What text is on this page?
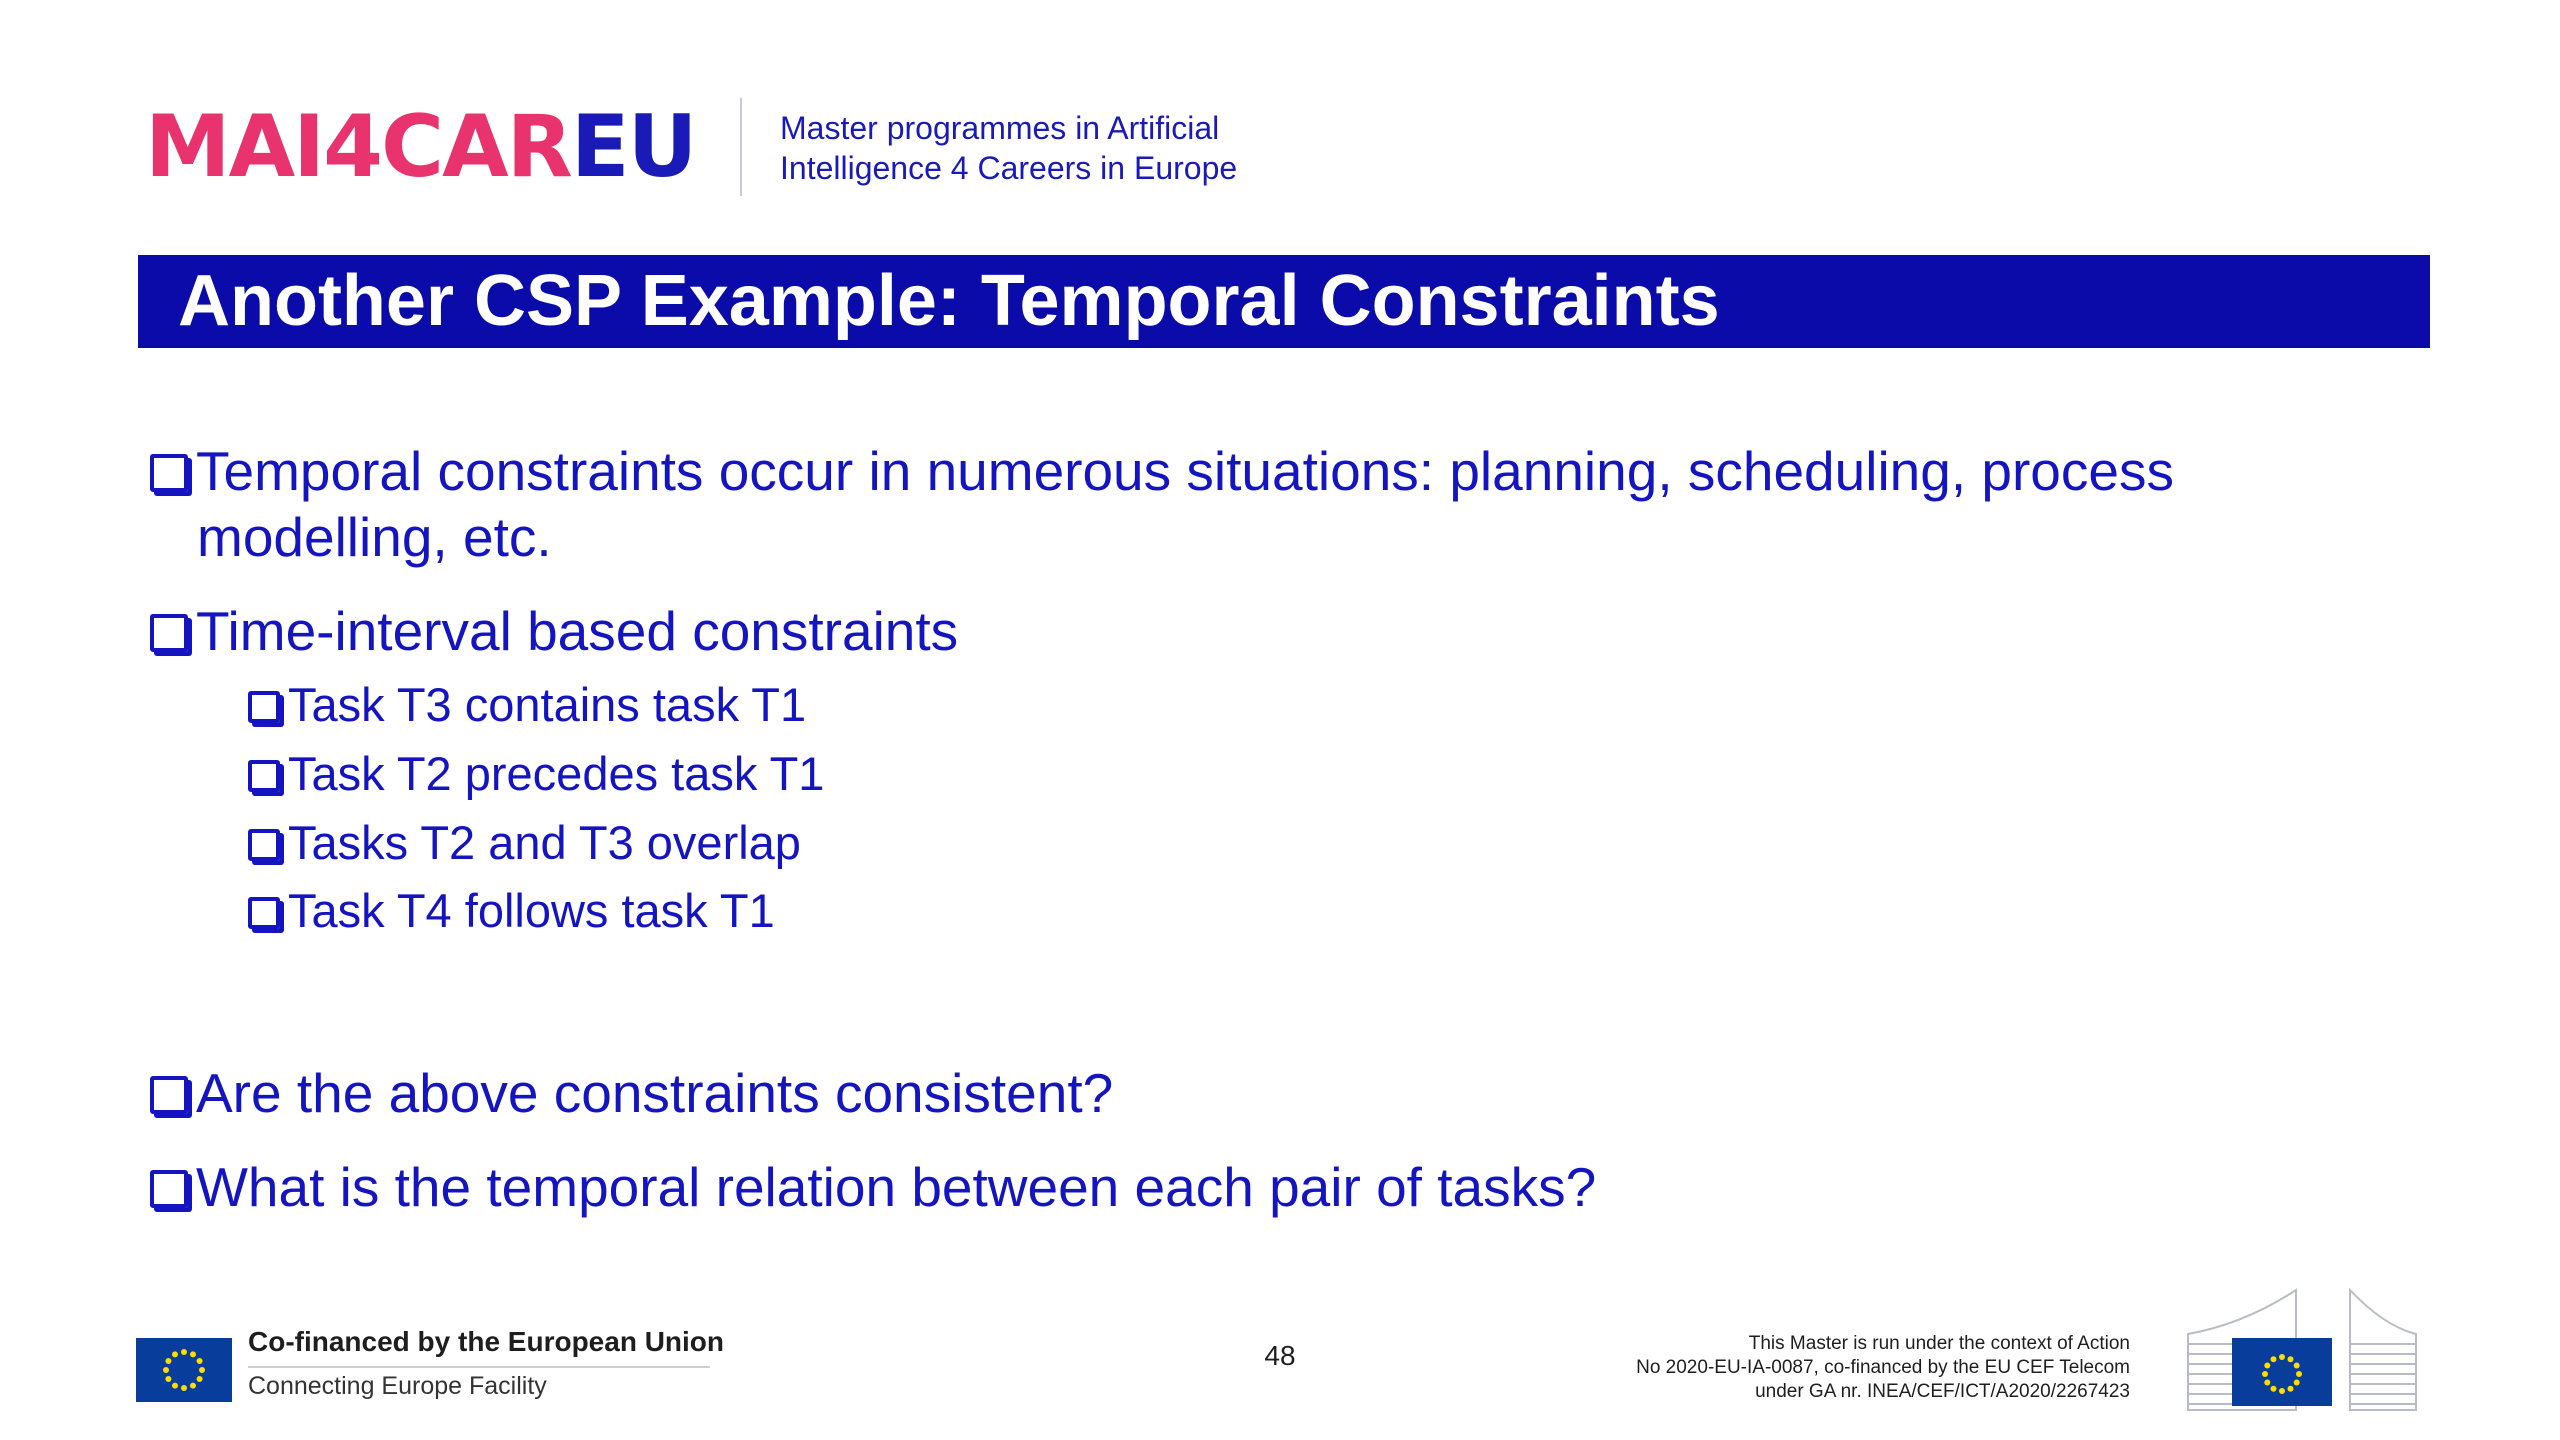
MAI4CAREU	Master programmes in Artificial
Intelligence 4 Careers in Europe
Another CSP Example: Temporal Constraints
Temporal constraints occur in numerous situations: planning, scheduling, process
modelling, etc.
Time-interval based constraints
Task T3 contains task T1
Task T2 precedes task T1
Tasks T2 and T3 overlap
Task T4 follows task T1
Are the above constraints consistent?
What is the temporal relation between each pair of tasks?
Co-financed by the European Union
Connecting Europe Facility
48	This Master is run under the context of Action
No 2020-EU-IA-0087, co-financed by the EU CEF Telecom
under GA nr. INEA/CEF/ICT/A2020/2267423
